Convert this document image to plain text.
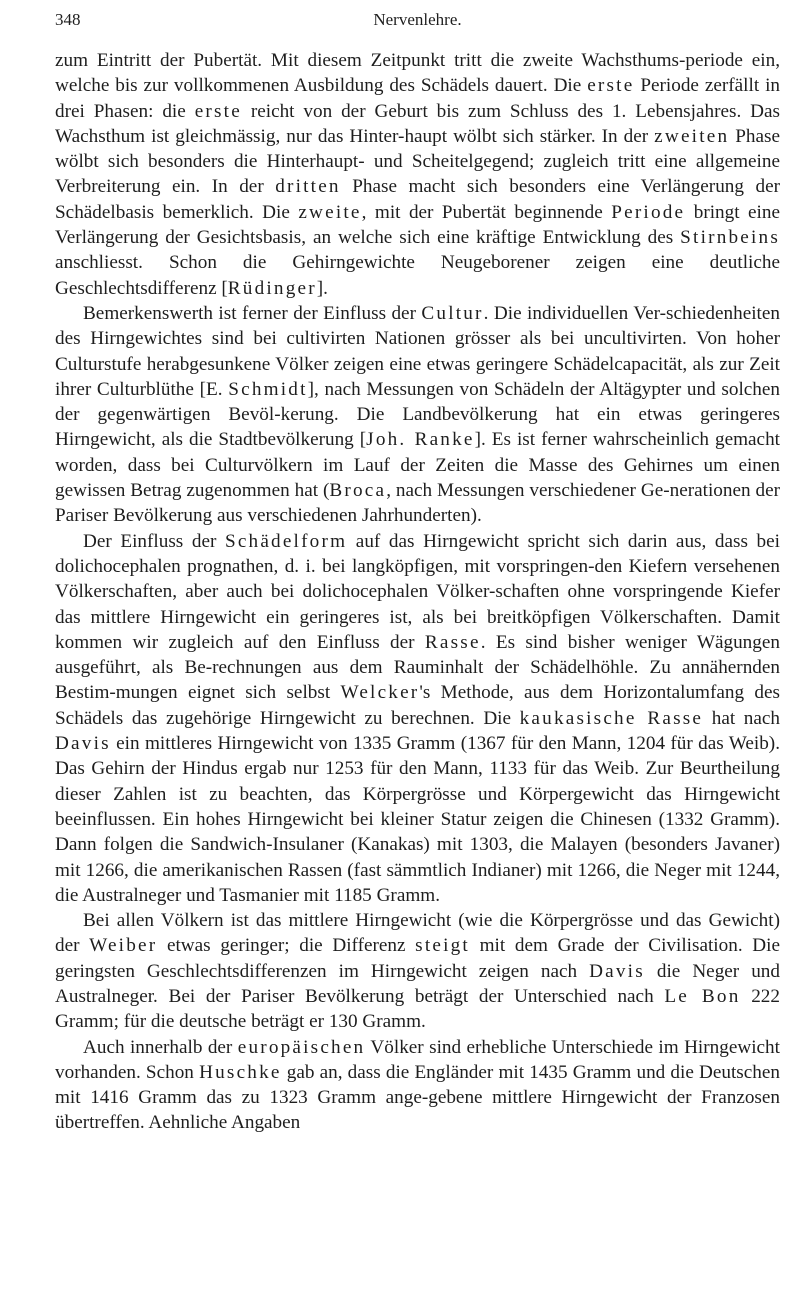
348	Nervenlehre.

zum Eintritt der Pubertät. Mit diesem Zeitpunkt tritt die zweite Wachsthums-periode ein, welche bis zur vollkommenen Ausbildung des Schädels dauert. Die erste Periode zerfällt in drei Phasen: die erste reicht von der Geburt bis zum Schluss des 1. Lebensjahres. Das Wachsthum ist gleichmässig, nur das Hinter-haupt wölbt sich stärker. In der zweiten Phase wölbt sich besonders die Hinterhaupt- und Scheitelgegend; zugleich tritt eine allgemeine Verbreiterung ein. In der dritten Phase macht sich besonders eine Verlängerung der Schädelbasis bemerklich. Die zweite, mit der Pubertät beginnende Periode bringt eine Verlängerung der Gesichtsbasis, an welche sich eine kräftige Entwicklung des Stirnbeins anschliesst. Schon die Gehirngewichte Neugeborener zeigen eine deutliche Geschlechtsdifferenz [Rüdinger].

Bemerkenswerth ist ferner der Einfluss der Cultur. Die individuellen Ver-schiedenheiten des Hirngewichtes sind bei cultivirten Nationen grösser als bei uncultivirten. Von hoher Culturstufe herabgesunkene Völker zeigen eine etwas geringere Schädelcapacität, als zur Zeit ihrer Culturblüthe [E. Schmidt], nach Messungen von Schädeln der Altägypter und solchen der gegenwärtigen Bevöl-kerung. Die Landbevölkerung hat ein etwas geringeres Hirngewicht, als die Stadtbevölkerung [Joh. Ranke]. Es ist ferner wahrscheinlich gemacht worden, dass bei Culturvölkern im Lauf der Zeiten die Masse des Gehirnes um einen gewissen Betrag zugenommen hat (Broca, nach Messungen verschiedener Ge-nerationen der Pariser Bevölkerung aus verschiedenen Jahrhunderten).

Der Einfluss der Schädelform auf das Hirngewicht spricht sich darin aus, dass bei dolichocephalen prognathen, d. i. bei langköpfigen, mit vorspringen-den Kiefern versehenen Völkerschaften, aber auch bei dolichocephalen Völker-schaften ohne vorspringende Kiefer das mittlere Hirngewicht ein geringeres ist, als bei breitköpfigen Völkerschaften. Damit kommen wir zugleich auf den Einfluss der Rasse. Es sind bisher weniger Wägungen ausgeführt, als Be-rechnungen aus dem Rauminhalt der Schädelhöhle. Zu annähernden Bestim-mungen eignet sich selbst Welcker's Methode, aus dem Horizontalumfang des Schädels das zugehörige Hirngewicht zu berechnen. Die kaukasische Rasse hat nach Davis ein mittleres Hirngewicht von 1335 Gramm (1367 für den Mann, 1204 für das Weib). Das Gehirn der Hindus ergab nur 1253 für den Mann, 1133 für das Weib. Zur Beurtheilung dieser Zahlen ist zu beachten, das Körpergrösse und Körpergewicht das Hirngewicht beeinflussen. Ein hohes Hirngewicht bei kleiner Statur zeigen die Chinesen (1332 Gramm). Dann folgen die Sandwich-Insulaner (Kanakas) mit 1303, die Malayen (besonders Javaner) mit 1266, die amerikanischen Rassen (fast sämmtlich Indianer) mit 1266, die Neger mit 1244, die Australneger und Tasmanier mit 1185 Gramm.

Bei allen Völkern ist das mittlere Hirngewicht (wie die Körpergrösse und das Gewicht) der Weiber etwas geringer; die Differenz steigt mit dem Grade der Civilisation. Die geringsten Geschlechtsdifferenzen im Hirngewicht zeigen nach Davis die Neger und Australneger. Bei der Pariser Bevölkerung beträgt der Unterschied nach Le Bon 222 Gramm; für die deutsche beträgt er 130 Gramm.

Auch innerhalb der europäischen Völker sind erhebliche Unterschiede im Hirngewicht vorhanden. Schon Huschke gab an, dass die Engländer mit 1435 Gramm und die Deutschen mit 1416 Gramm das zu 1323 Gramm ange-gebene mittlere Hirngewicht der Franzosen übertreffen. Aehnliche Angaben
